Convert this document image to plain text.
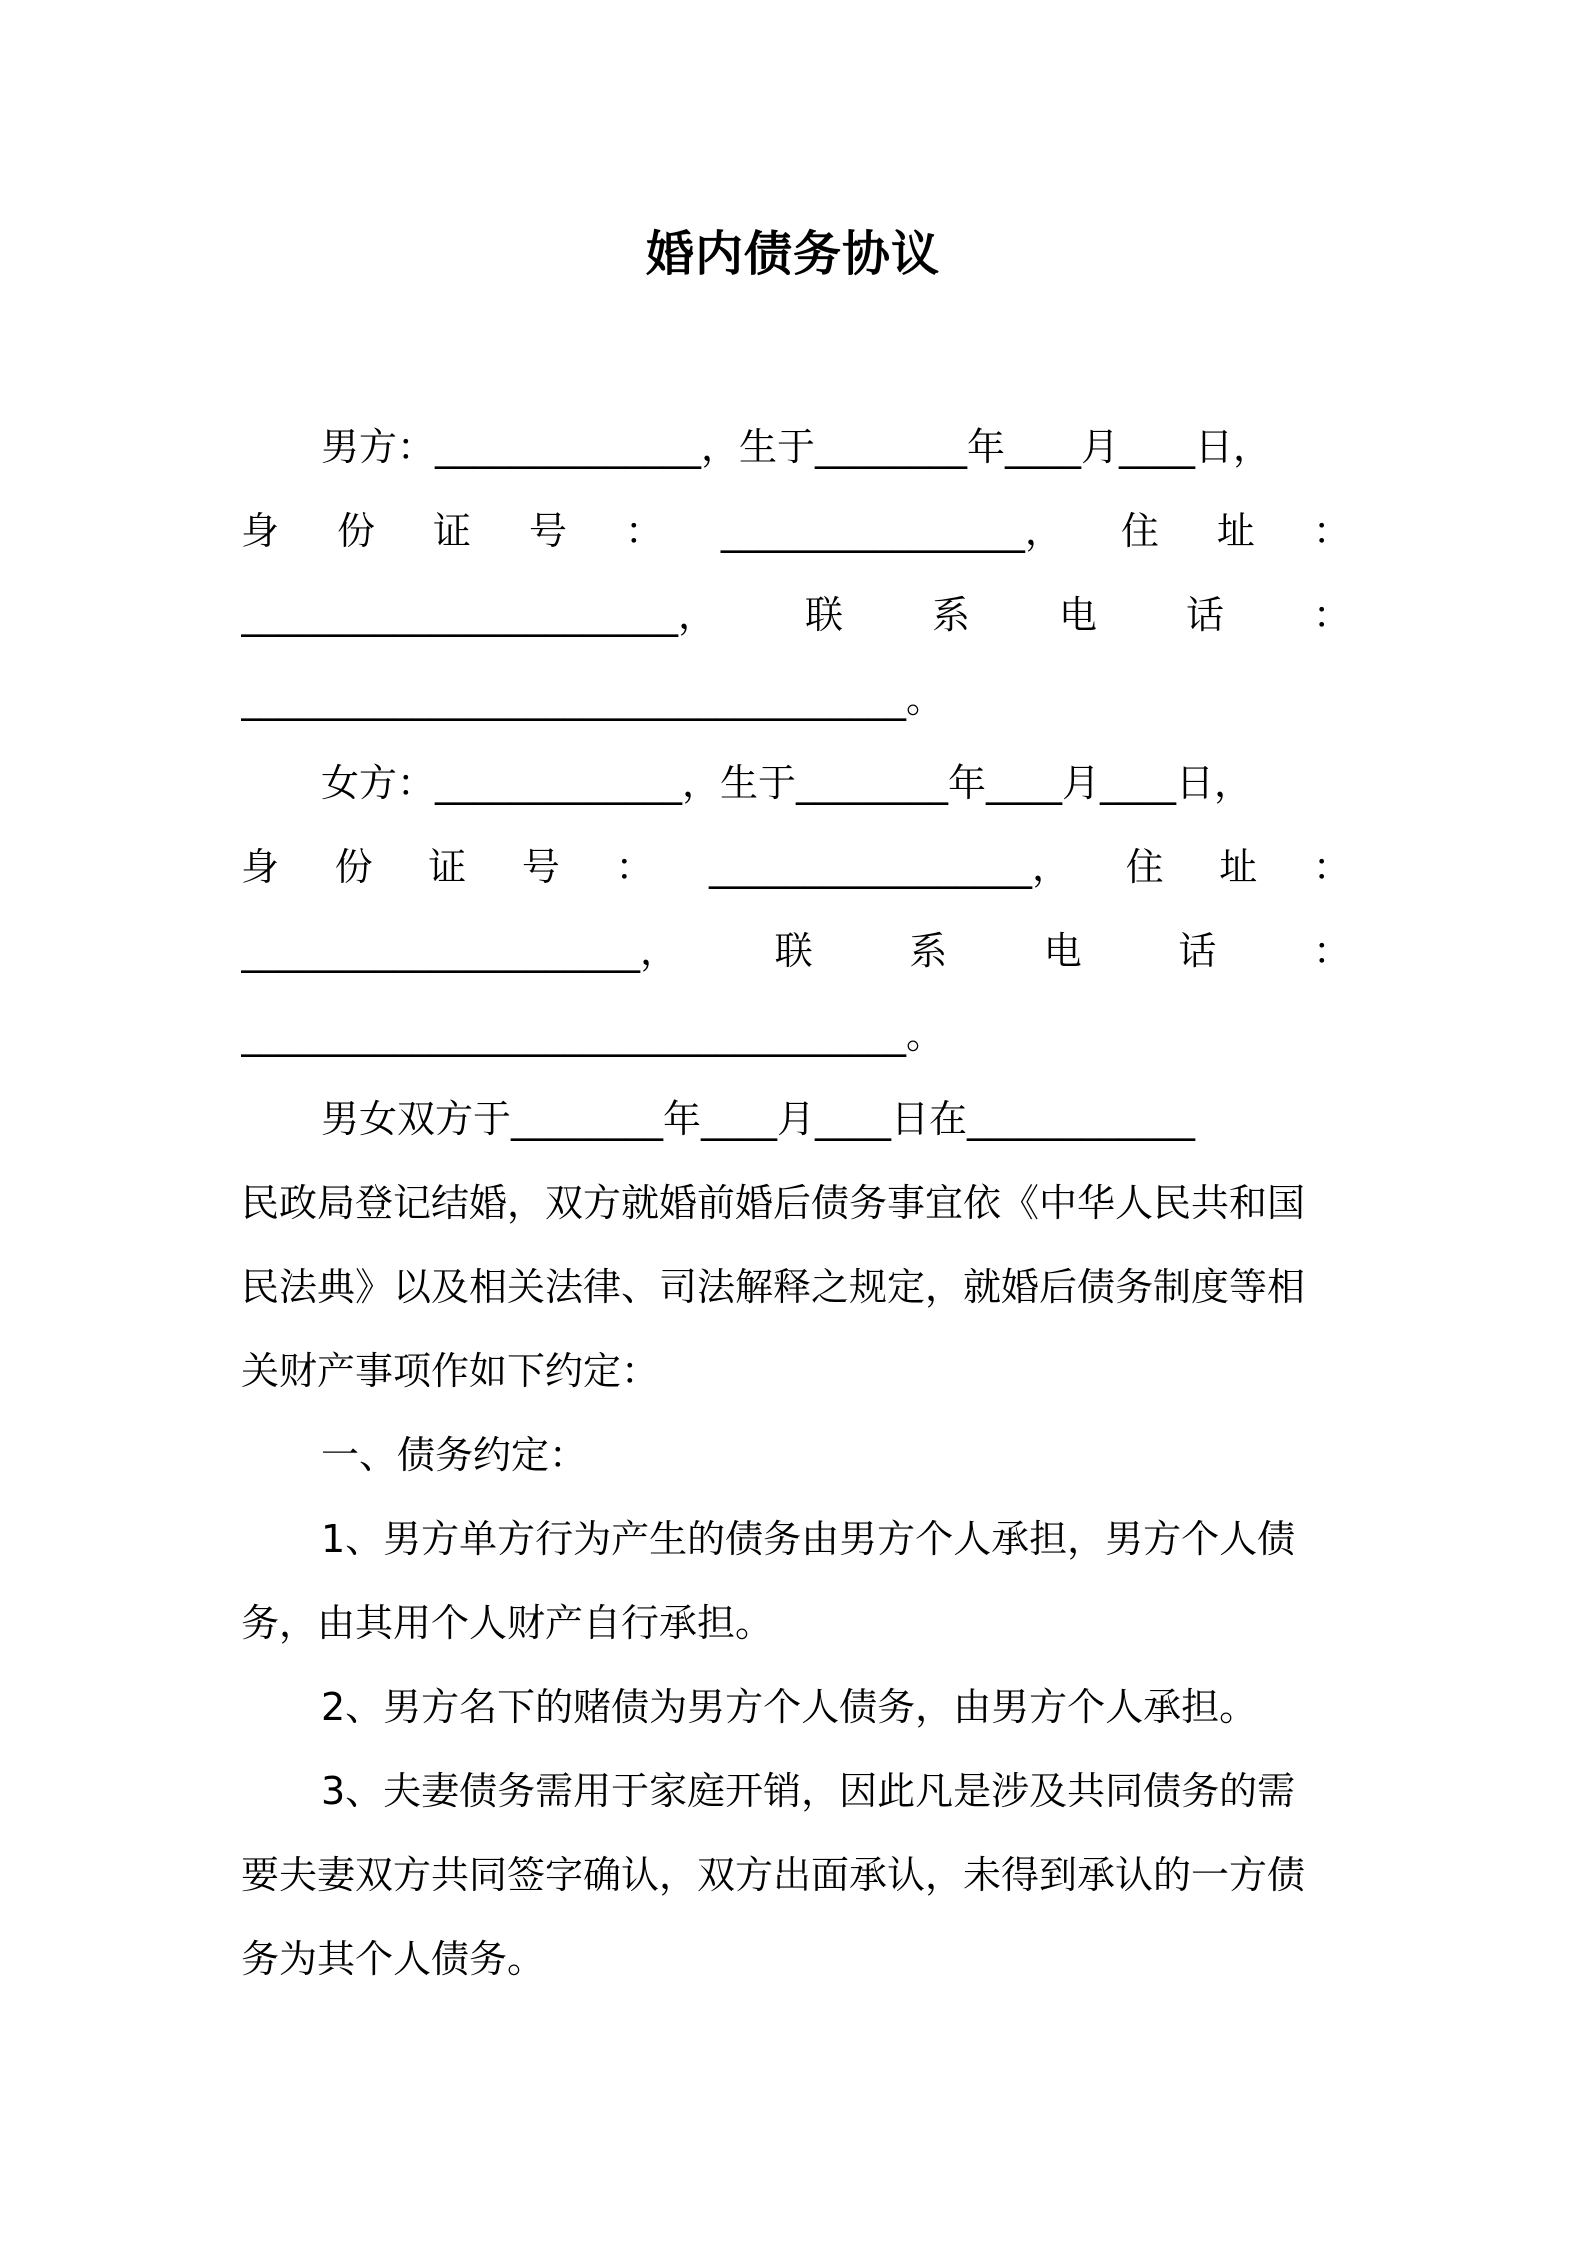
婚内债务协议
男方：______________，生于________年____月____日，
身 份 证 号 ： ________________， 住 址 ：
_______________________， 联 系 电 话 ：
___________________________________。
女方：_____________，生于________年____月____日，
身 份 证 号 ： _________________， 住 址 ：
_____________________，	联	系	电	话	：
___________________________________。
男女双方于________年____月____日在____________
民政局登记结婚，双方就婚前婚后债务事宜依《中华人民共和国
民法典》以及相关法律、司法解释之规定，就婚后债务制度等相
关财产事项作如下约定：
一、债务约定：
1、男方单方行为产生的债务由男方个人承担，男方个人债
务，由其用个人财产自行承担。
2、男方名下的赌债为男方个人债务，由男方个人承担。
3、夫妻债务需用于家庭开销，因此凡是涉及共同债务的需
要夫妻双方共同签字确认，双方出面承认，未得到承认的一方债
务为其个人债务。
